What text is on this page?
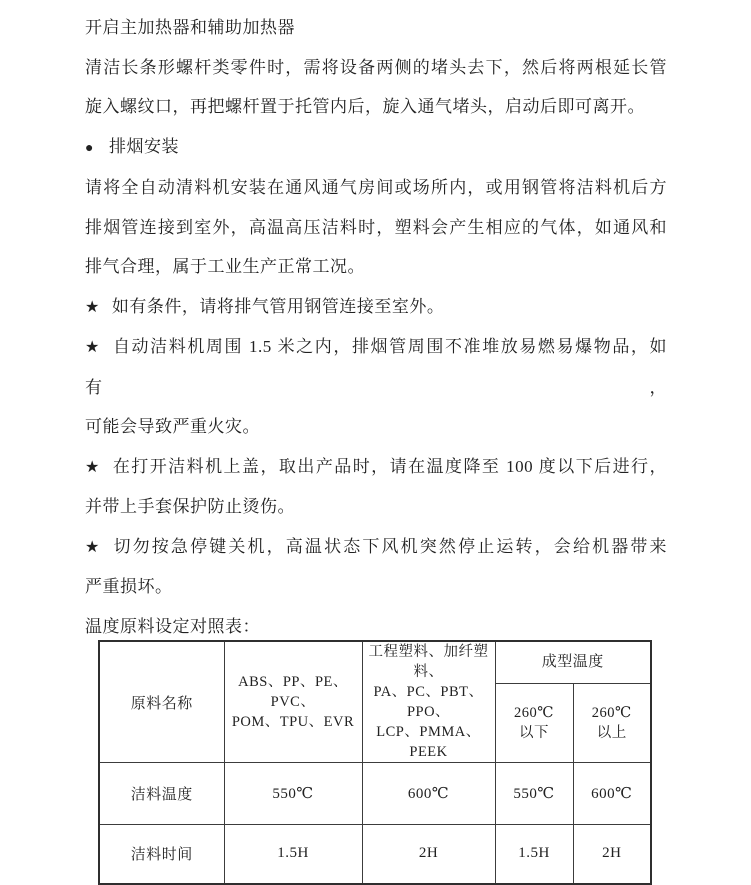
开启主加热器和辅助加热器

清洁长条形螺杆类零件时，需将设备两侧的堵头去下，然后将两根延长管
旋入螺纹口，再把螺杆置于托管内后，旋入通气堵头，启动后即可离开。

● 排烟安装

请将全自动清料机安装在通风通气房间或场所内，或用钢管将洁料机后方
排烟管连接到室外，高温高压洁料时，塑料会产生相应的气体，如通风和
排气合理，属于工业生产正常工况。

★ 如有条件，请将排气管用钢管连接至室外。

★ 自动洁料机周围 1.5 米之内，排烟管周围不准堆放易燃易爆物品，如有，
可能会导致严重火灾。

★ 在打开洁料机上盖，取出产品时，请在温度降至 100 度以下后进行，
并带上手套保护防止烫伤。

★ 切勿按急停键关机，高温状态下风机突然停止运转，会给机器带来
严重损坏。

温度原料设定对照表：

原料名称	ABS、PP、PE、PVC、
POM、TPU、EVR	工程塑料、加纤塑料、
PA、PC、PBT、PPO、
LCP、PMMA、PEEK	成型温度	

			260℃
以下	260℃
以上

洁料温度	550℃	600℃	550℃	600℃
洁料时间	1.5H	2H	1.5H	2H
